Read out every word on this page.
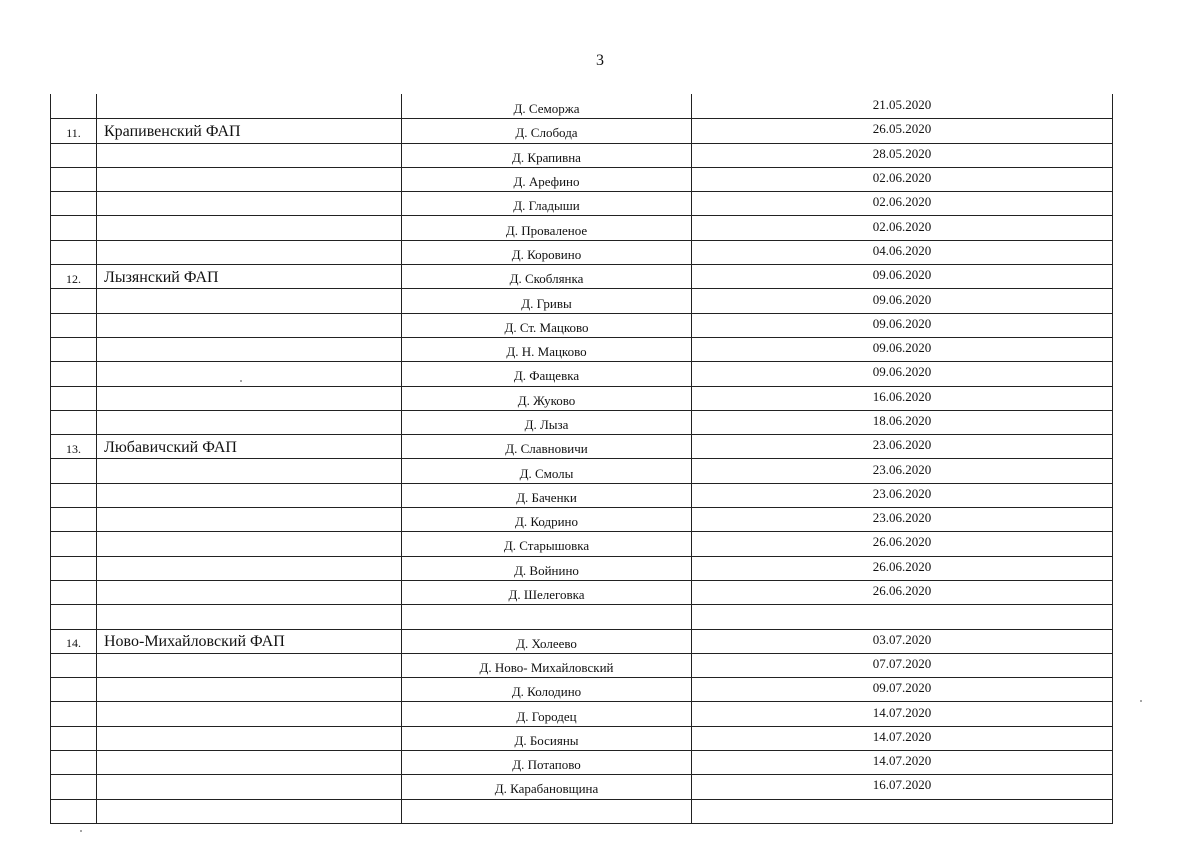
3
Д. Семоржа	21.05.2020
11.	Крапивенский ФАП	Д. Слобода	26.05.2020
Д. Крапивна	28.05.2020
Д. Арефино	02.06.2020
Д. Гладыши	02.06.2020
Д. Проваленое	02.06.2020
Д. Коровино	04.06.2020
12.	Лызянский ФАП	Д. Скоблянка	09.06.2020
Д. Гривы	09.06.2020
Д. Ст. Мацково	09.06.2020
Д. Н. Мацково	09.06.2020
Д. Фащевка	09.06.2020
Д. Жуково	16.06.2020
Д. Лыза	18.06.2020
13.	Любавичский ФАП	Д. Славновичи	23.06.2020
Д. Смолы	23.06.2020
Д. Баченки	23.06.2020
Д. Кодрино	23.06.2020
Д. Старышовка	26.06.2020
Д. Войнино	26.06.2020
Д. Шелеговка	26.06.2020
14.	Ново-Михайловский ФАП	Д. Холеево	03.07.2020
Д. Ново- Михайловский	07.07.2020
Д. Колодино	09.07.2020
Д. Городец	14.07.2020
Д. Босияны	14.07.2020
Д. Потапово	14.07.2020
Д. Карабановщина	16.07.2020
